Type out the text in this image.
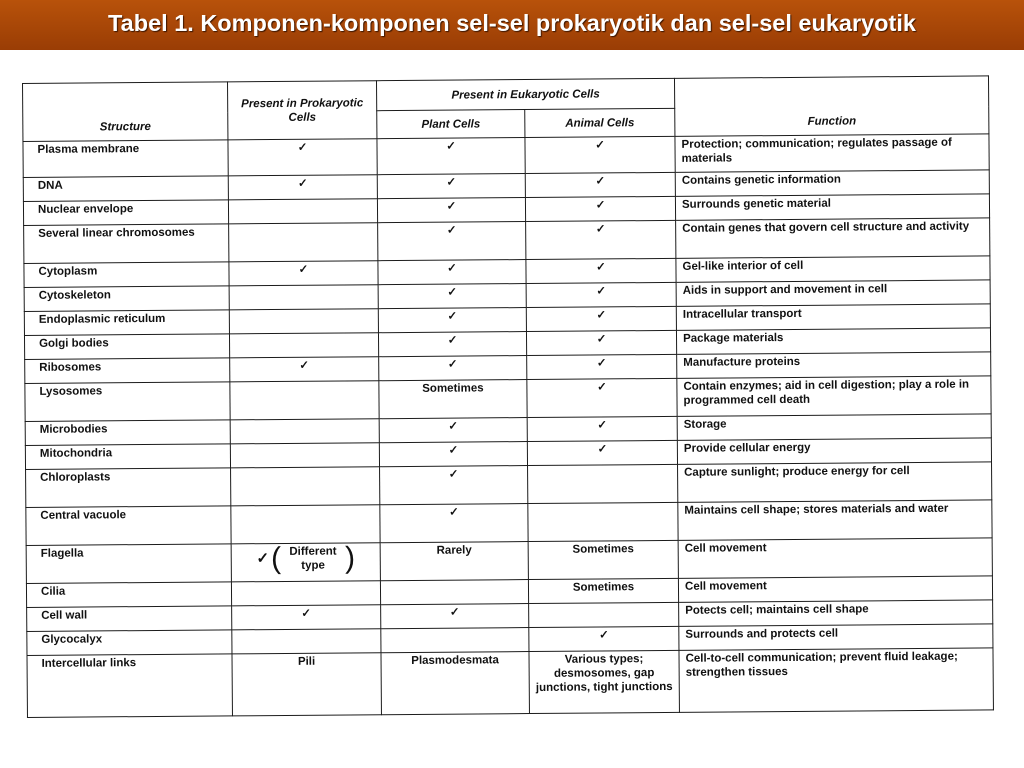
Tabel 1. Komponen-komponen sel-sel prokaryotik dan sel-sel eukaryotik
Structure	Present in Prokaryotic Cells	Present in Eukaryotic Cells		Function
		Plant Cells	Animal Cells	
Plasma membrane	✓	✓	✓	Protection; communication; regulates passage of materials
DNA	✓	✓	✓	Contains genetic information
Nuclear envelope		✓	✓	Surrounds genetic material
Several linear chromosomes		✓	✓	Contain genes that govern cell structure and activity
Cytoplasm	✓	✓	✓	Gel-like interior of cell
Cytoskeleton		✓	✓	Aids in support and movement in cell
Endoplasmic reticulum		✓	✓	Intracellular transport
Golgi bodies		✓	✓	Package materials
Ribosomes	✓	✓	✓	Manufacture proteins
Lysosomes		Sometimes	✓	Contain enzymes; aid in cell digestion; play a role in programmed cell death
Microbodies		✓	✓	Storage
Mitochondria		✓	✓	Provide cellular energy
Chloroplasts		✓		Capture sunlight; produce energy for cell
Central vacuole		✓		Maintains cell shape; stores materials and water
Flagella	✓ ( Different type )	Rarely	Sometimes	Cell movement
Cilia			Sometimes	Cell movement
Cell wall	✓	✓		Potects cell; maintains cell shape
Glycocalyx			✓	Surrounds and protects cell
Intercellular links	Pili	Plasmodesmata	Various types; desmosomes, gap junctions, tight junctions	Cell-to-cell communication; prevent fluid leakage; strengthen tissues
